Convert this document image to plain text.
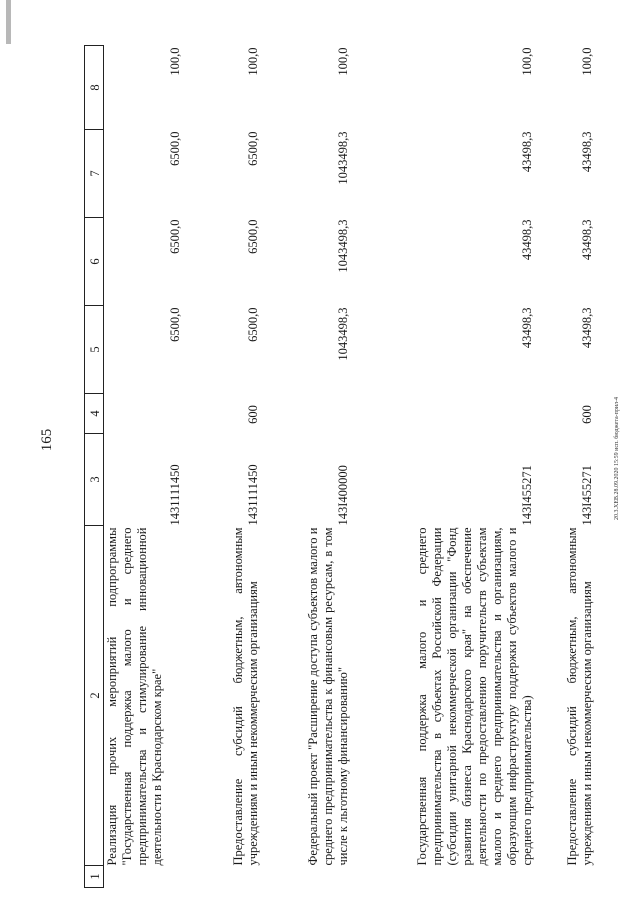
165	20.3.ХЕВ.28.09.2020 15:59 исп. бюджета-прил-4
1	2	3	4	5	6	7	8
	Реализация прочих мероприятий подпрограммы "Государственная поддержка малого и среднего предпринимательства и стимулирование инновационной деятельности в Краснодарском крае"	1431111450		6500,0	6500,0	6500,0	100,0
	Предоставление субсидий бюджетным, автономным учреждениям и иным некоммерческим организациям	1431111450	600	6500,0	6500,0	6500,0	100,0
	Федеральный проект "Расширение доступа субъектов малого и среднего предпринимательства к финансовым ресурсам, в том числе к льготному финансированию"	143I400000		1043498,3	1043498,3	1043498,3	100,0
	Государственная поддержка малого и среднего предпринимательства в субъектах Российской Федерации (субсидии унитарной некоммерческой организации "Фонд развития бизнеса Краснодарского края" на обеспечение деятельности по предоставлению поручительств субъектам малого и среднего предпринимательства и организациям, образующим инфраструктуру поддержки субъектов малого и среднего предпринимательства)	143I455271		43498,3	43498,3	43498,3	100,0
	Предоставление субсидий бюджетным, автономным учреждениям и иным некоммерческим организациям	143I455271	600	43498,3	43498,3	43498,3	100,0
